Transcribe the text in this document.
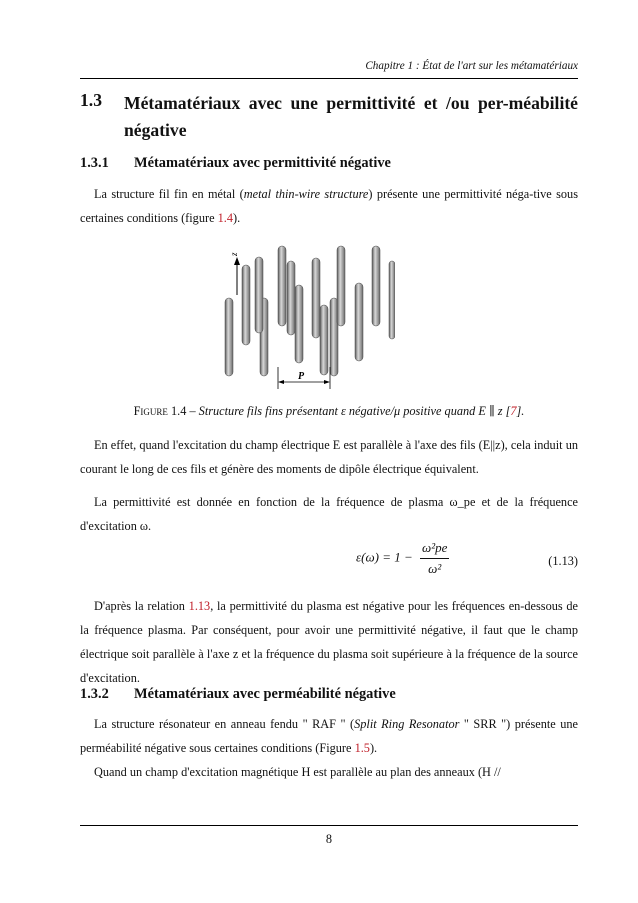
Chapitre 1 : État de l'art sur les métamatériaux
1.3 Métamatériaux avec une permittivité et /ou per-méabilité négative
1.3.1 Métamatériaux avec permittivité négative
La structure fil fin en métal (metal thin-wire structure) présente une permittivité néga-tive sous certaines conditions (figure 1.4).
z
P
Figure 1.4 – Structure fils fins présentant ε négative/μ positive quand E ∥ z [7].
En effet, quand l'excitation du champ électrique E est parallèle à l'axe des fils (E||z), cela induit un courant le long de ces fils et génère des moments de dipôle électrique équivalent.
La permittivité est donnée en fonction de la fréquence de plasma ω_pe et de la fréquence d'excitation ω.
$\varepsilon(\omega) = 1 - \frac{\text{ω²pe}}{\text{ω²}}$	(1.13)
D'après la relation 1.13, la permittivité du plasma est négative pour les fréquences en-dessous de la fréquence plasma. Par conséquent, pour avoir une permittivité négative, il faut que le champ électrique soit parallèle à l'axe z et la fréquence du plasma soit supérieure à la fréquence de la source d'excitation.
1.3.2 Métamatériaux avec perméabilité négative
La structure résonateur en anneau fendu " RAF " (Split Ring Resonator " SRR ") présente une perméabilité négative sous certaines conditions (Figure 1.5).
Quand un champ d'excitation magnétique H est parallèle au plan des anneaux (H //
8
